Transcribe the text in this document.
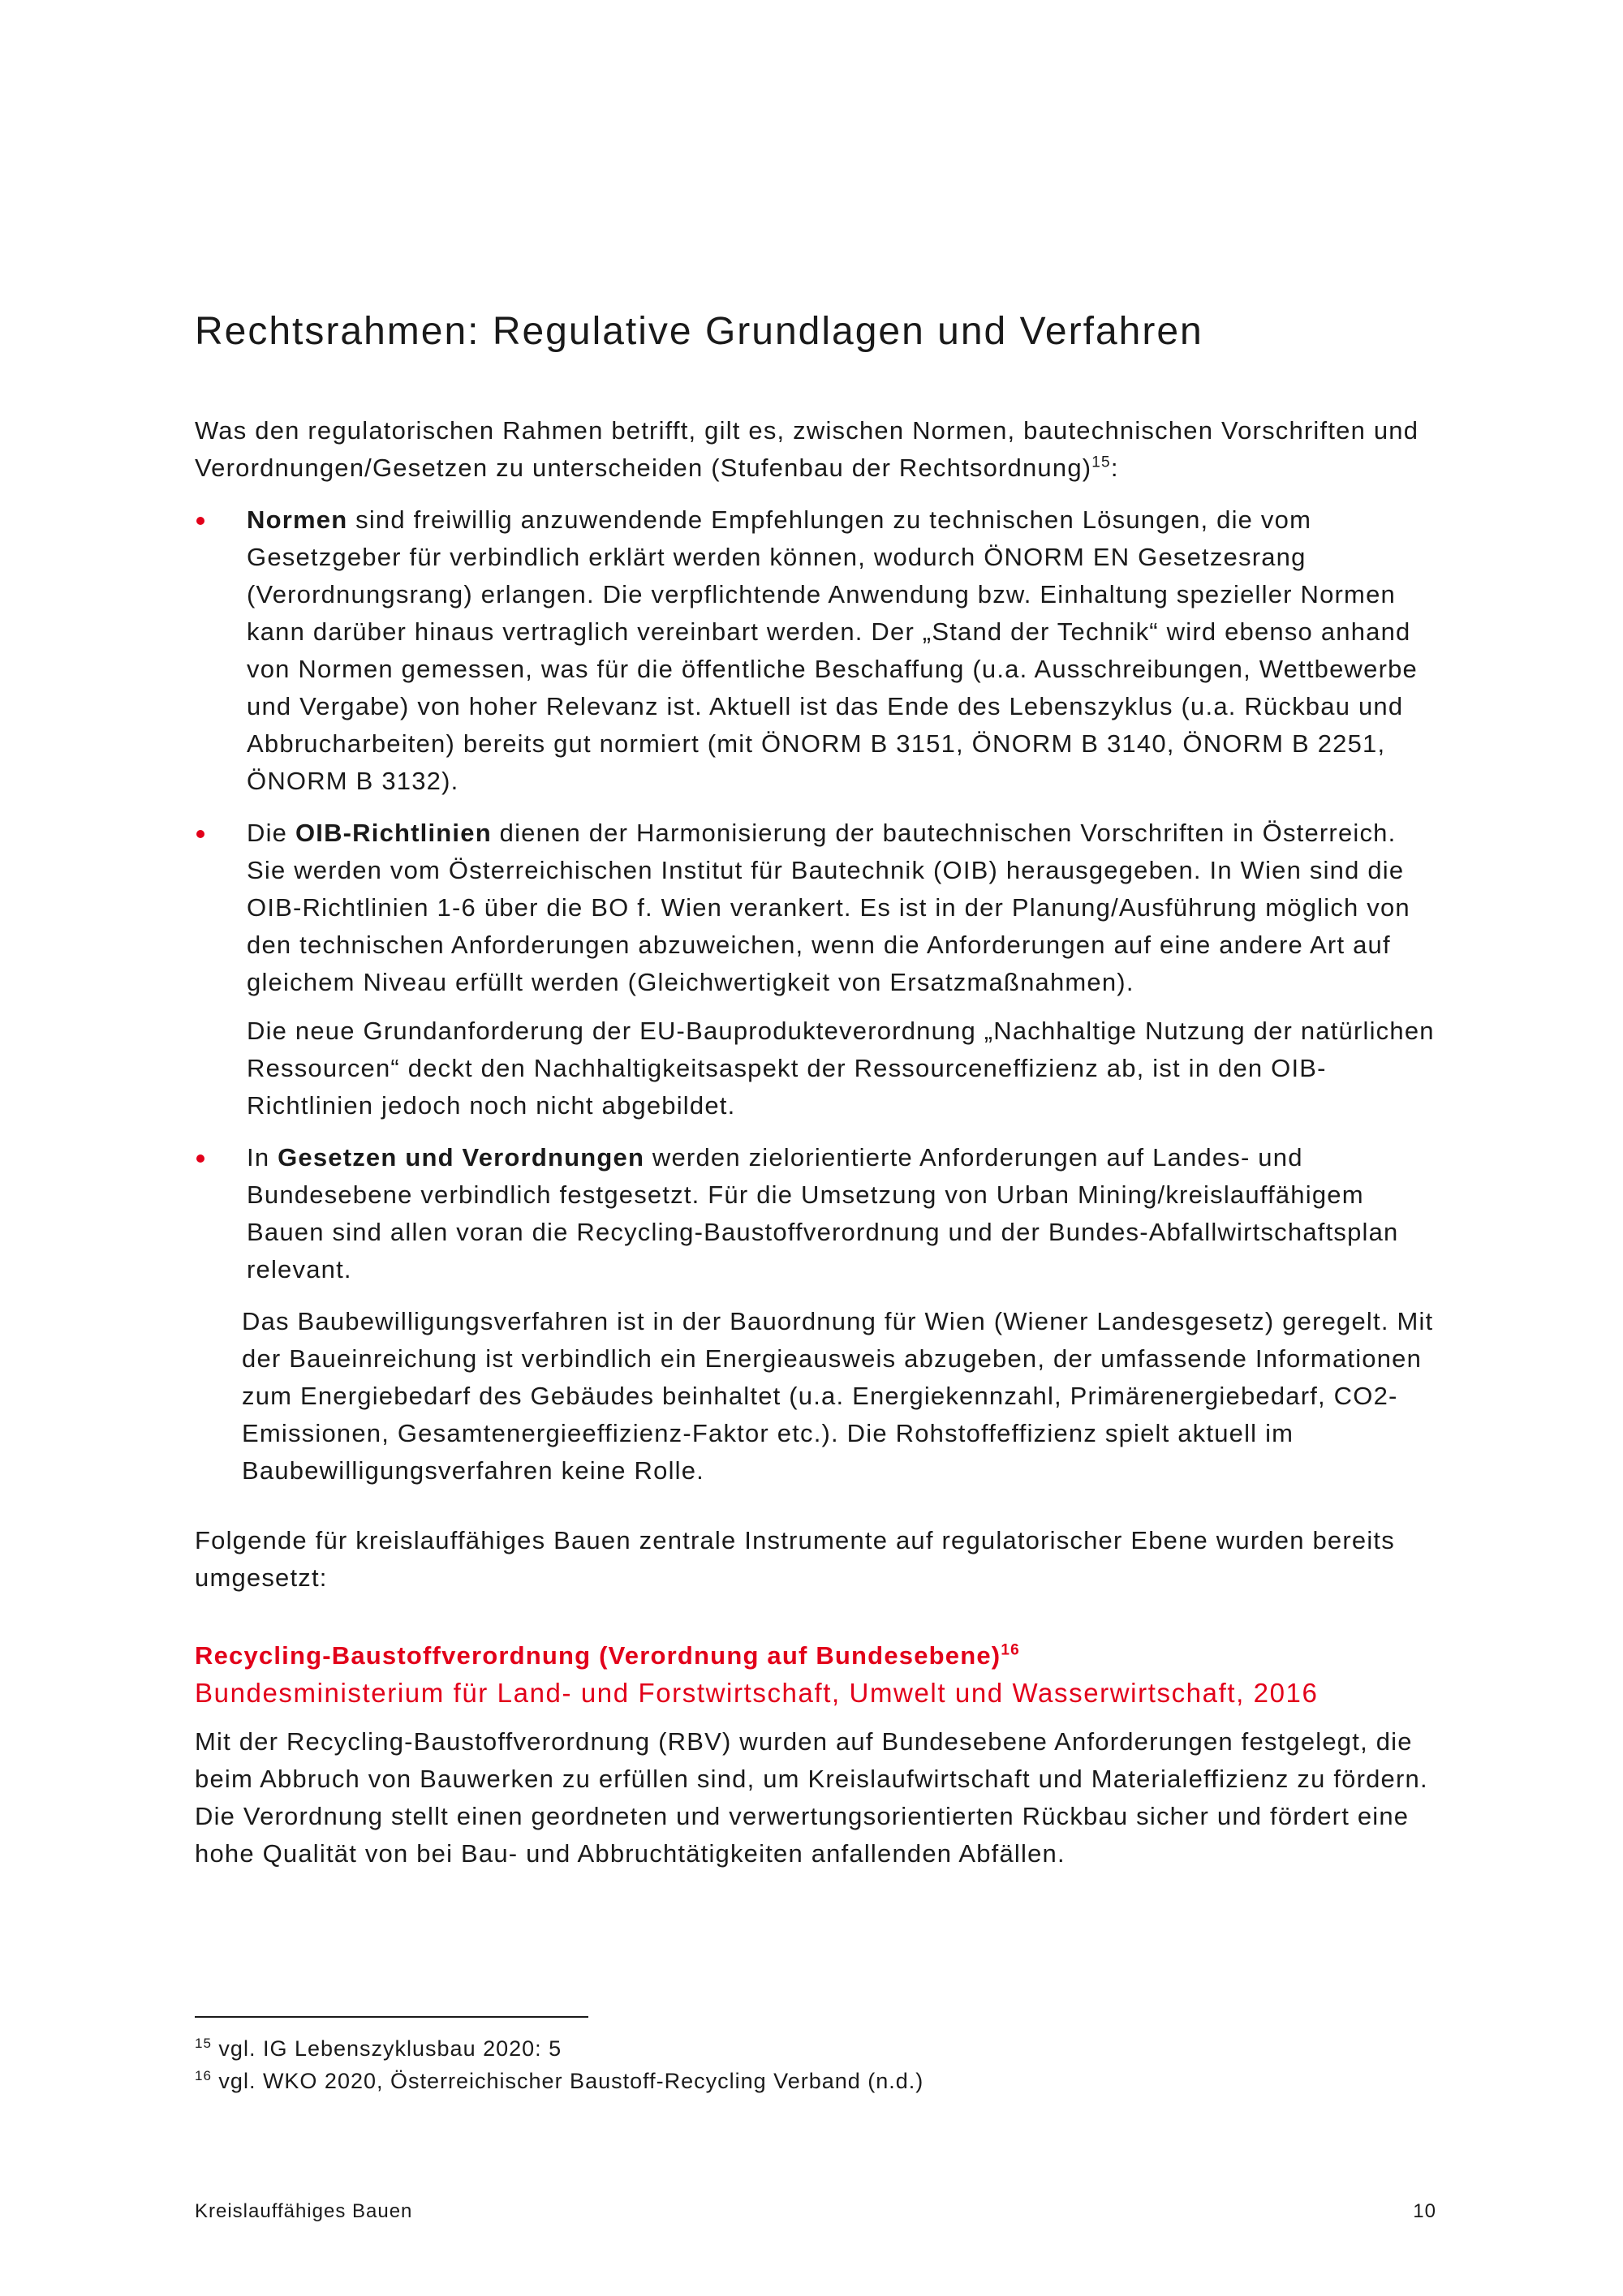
Rechtsrahmen: Regulative Grundlagen und Verfahren

Was den regulatorischen Rahmen betrifft, gilt es, zwischen Normen, bautechnischen Vorschriften und Verordnungen/Gesetzen zu unterscheiden (Stufenbau der Rechtsordnung)$^{15}$:

Normen sind freiwillig anzuwendende Empfehlungen zu technischen Lösungen, die vom Gesetzgeber für verbindlich erklärt werden können, wodurch ÖNORM EN Gesetzesrang (Verordnungsrang) erlangen. Die verpflichtende Anwendung bzw. Einhaltung spezieller Normen kann darüber hinaus vertraglich vereinbart werden. Der „Stand der Technik“ wird ebenso anhand von Normen gemessen, was für die öffentliche Beschaffung (u.a. Ausschreibungen, Wettbewerbe und Vergabe) von hoher Relevanz ist. Aktuell ist das Ende des Lebenszyklus (u.a. Rückbau und Abbrucharbeiten) bereits gut normiert (mit ÖNORM B 3151, ÖNORM B 3140, ÖNORM B 2251, ÖNORM B 3132).
Die OIB-Richtlinien dienen der Harmonisierung der bautechnischen Vorschriften in Österreich. Sie werden vom Österreichischen Institut für Bautechnik (OIB) herausgegeben. In Wien sind die OIB-Richtlinien 1-6 über die BO f. Wien verankert. Es ist in der Planung/Ausführung möglich von den technischen Anforderungen abzuweichen, wenn die Anforderungen auf eine andere Art auf gleichem Niveau erfüllt werden (Gleichwertigkeit von Ersatzmaßnahmen).

Die neue Grundanforderung der EU-Bauprodukteverordnung „Nachhaltige Nutzung der natürlichen Ressourcen“ deckt den Nachhaltigkeitsaspekt der Ressourceneffizienz ab, ist in den OIB-Richtlinien jedoch noch nicht abgebildet.

In Gesetzen und Verordnungen werden zielorientierte Anforderungen auf Landes- und Bundesebene verbindlich festgesetzt. Für die Umsetzung von Urban Mining/kreislauffähigem Bauen sind allen voran die Recycling-Baustoffverordnung und der Bundes-Abfallwirtschaftsplan relevant.

Das Baubewilligungsverfahren ist in der Bauordnung für Wien (Wiener Landesgesetz) geregelt. Mit der Baueinreichung ist verbindlich ein Energieausweis abzugeben, der umfassende Informationen zum Energiebedarf des Gebäudes beinhaltet (u.a. Energiekennzahl, Primärenergiebedarf, CO2-Emissionen, Gesamtenergieeffizienz-Faktor etc.). Die Rohstoffeffizienz spielt aktuell im Baubewilligungsverfahren keine Rolle.

Folgende für kreislauffähiges Bauen zentrale Instrumente auf regulatorischer Ebene wurden bereits umgesetzt:

Recycling-Baustoffverordnung (Verordnung auf Bundesebene)$^{16}$

Bundesministerium für Land- und Forstwirtschaft, Umwelt und Wasserwirtschaft, 2016

Mit der Recycling-Baustoffverordnung (RBV) wurden auf Bundesebene Anforderungen festgelegt, die beim Abbruch von Bauwerken zu erfüllen sind, um Kreislaufwirtschaft und Materialeffizienz zu fördern. Die Verordnung stellt einen geordneten und verwertungsorientierten Rückbau sicher und fördert eine hohe Qualität von bei Bau- und Abbruchtätigkeiten anfallenden Abfällen.

$^{15}$ vgl. IG Lebenszyklusbau 2020: 5

$^{16}$ vgl. WKO 2020, Österreichischer Baustoff-Recycling Verband (n.d.)

Kreislauffähiges Bauen	10
